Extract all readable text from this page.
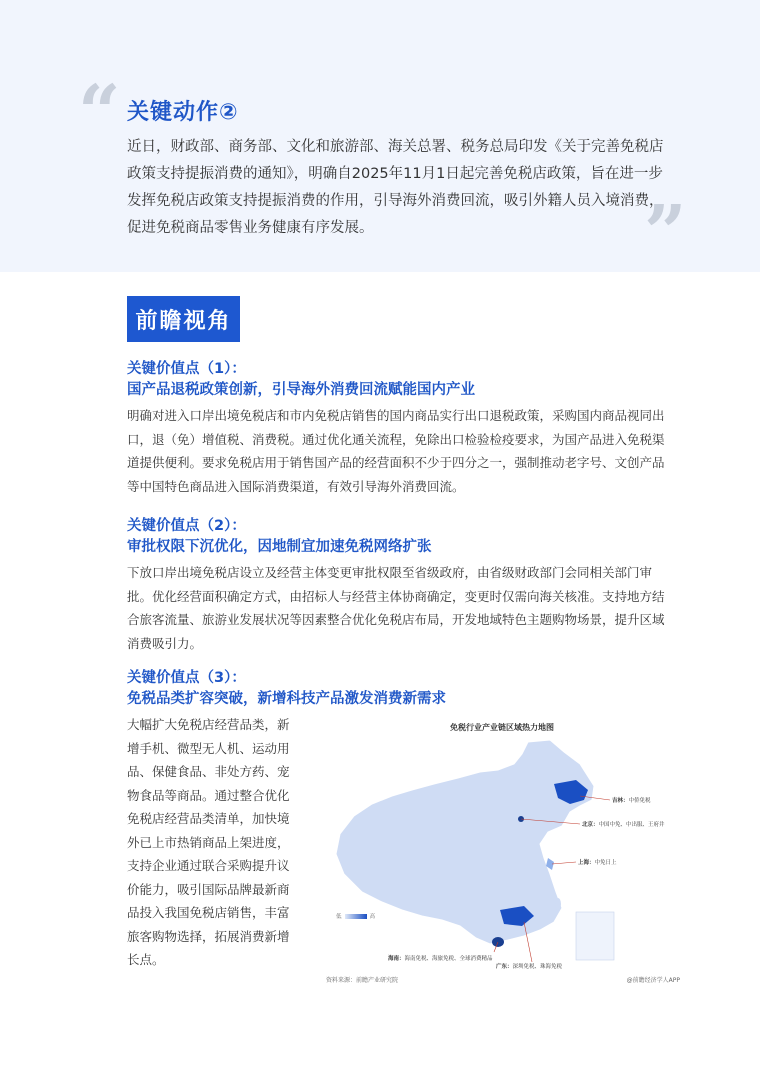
“ 关键动作②
近日，财政部、商务部、文化和旅游部、海关总署、税务总局印发《关于完善免税店政策支持提振消费的通知》，明确自2025年11月1日起完善免税店政策，旨在进一步发挥免税店政策支持提振消费的作用，引导海外消费回流，吸引外籍人员入境消费，促进免税商品零售业务健康有序发展。	”
前瞻视角
关键价值点（1）：
国产品退税政策创新，引导海外消费回流赋能国内产业
明确对进入口岸出境免税店和市内免税店销售的国内商品实行出口退税政策，采购国内商品视同出口，退（免）增值税、消费税。通过优化通关流程，免除出口检验检疫要求，为国产品进入免税渠道提供便利。要求免税店用于销售国产品的经营面积不少于四分之一，强制推动老字号、文创产品等中国特色商品进入国际消费渠道，有效引导海外消费回流。
关键价值点（2）：
审批权限下沉优化，因地制宜加速免税网络扩张
下放口岸出境免税店设立及经营主体变更审批权限至省级政府，由省级财政部门会同相关部门审批。优化经营面积确定方式，由招标人与经营主体协商确定，变更时仅需向海关核准。支持地方结合旅客流量、旅游业发展状况等因素整合优化免税店布局，开发地域特色主题购物场景，提升区域消费吸引力。
关键价值点（3）：
免税品类扩容突破，新增科技产品激发消费新需求
大幅扩大免税店经营品类，新增手机、微型无人机、运动用品、保健食品、非处方药、宠物食品等商品。通过整合优化免税店经营品类清单，加快境外已上市热销商品上架进度，支持企业通过联合采购提升议价能力，吸引国际品牌最新商品投入我国免税店销售，丰富旅客购物选择，拓展消费新增长点。
免税行业产业链区域热力地图
低	高
吉林：中侨免税
北京：中国中免、中出服、王府井
上海：中免日上
海南：海南免税、海旅免税、全球消费精品
广东：深圳免税、珠海免税
资料来源：前瞻产业研究院	@前瞻经济学人APP
